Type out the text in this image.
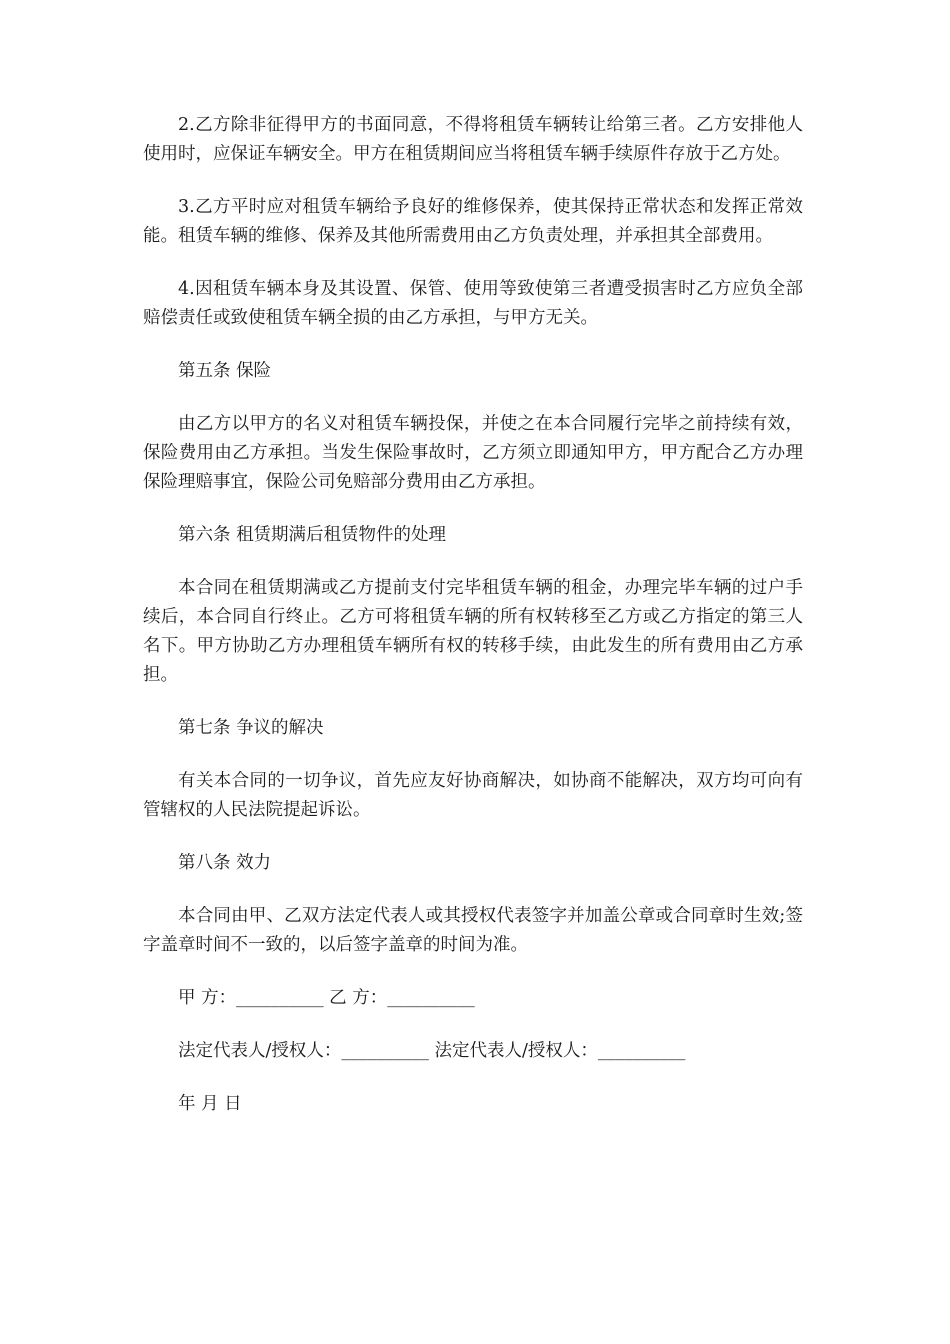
2.乙方除非征得甲方的书面同意，不得将租赁车辆转让给第三者。乙方安排他人使用时，应保证车辆安全。甲方在租赁期间应当将租赁车辆手续原件存放于乙方处。

3.乙方平时应对租赁车辆给予良好的维修保养，使其保持正常状态和发挥正常效能。租赁车辆的维修、保养及其他所需费用由乙方负责处理，并承担其全部费用。

4.因租赁车辆本身及其设置、保管、使用等致使第三者遭受损害时乙方应负全部赔偿责任或致使租赁车辆全损的由乙方承担，与甲方无关。

第五条 保险

由乙方以甲方的名义对租赁车辆投保，并使之在本合同履行完毕之前持续有效，保险费用由乙方承担。当发生保险事故时，乙方须立即通知甲方，甲方配合乙方办理保险理赔事宜，保险公司免赔部分费用由乙方承担。

第六条 租赁期满后租赁物件的处理

本合同在租赁期满或乙方提前支付完毕租赁车辆的租金，办理完毕车辆的过户手续后，本合同自行终止。乙方可将租赁车辆的所有权转移至乙方或乙方指定的第三人名下。甲方协助乙方办理租赁车辆所有权的转移手续，由此发生的所有费用由乙方承担。

第七条 争议的解决

有关本合同的一切争议，首先应友好协商解决，如协商不能解决，双方均可向有管辖权的人民法院提起诉讼。

第八条 效力

本合同由甲、乙双方法定代表人或其授权代表签字并加盖公章或合同章时生效;签字盖章时间不一致的，以后签字盖章的时间为准。

甲 方：__________ 乙 方：__________

法定代表人/授权人：__________ 法定代表人/授权人：__________

年 月 日
